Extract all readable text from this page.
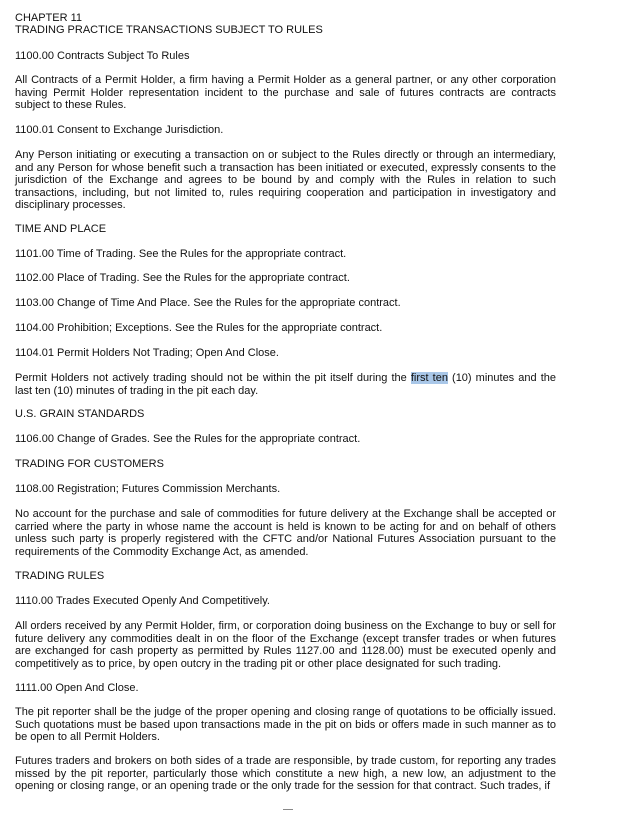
CHAPTER 11
TRADING PRACTICE TRANSACTIONS SUBJECT TO RULES
1100.00 Contracts Subject To Rules
All Contracts of a Permit Holder, a firm having a Permit Holder as a general partner, or any other corporation having Permit Holder representation incident to the purchase and sale of futures contracts are contracts subject to these Rules.
1100.01 Consent to Exchange Jurisdiction.
Any Person initiating or executing a transaction on or subject to the Rules directly or through an intermediary, and any Person for whose benefit such a transaction has been initiated or executed, expressly consents to the jurisdiction of the Exchange and agrees to be bound by and comply with the Rules in relation to such transactions, including, but not limited to, rules requiring cooperation and participation in investigatory and disciplinary processes.
TIME AND PLACE
1101.00 Time of Trading. See the Rules for the appropriate contract.
1102.00 Place of Trading. See the Rules for the appropriate contract.
1103.00 Change of Time And Place. See the Rules for the appropriate contract.
1104.00 Prohibition; Exceptions. See the Rules for the appropriate contract.
1104.01 Permit Holders Not Trading; Open And Close.
Permit Holders not actively trading should not be within the pit itself during the first ten (10) minutes and the last ten (10) minutes of trading in the pit each day.
U.S. GRAIN STANDARDS
1106.00 Change of Grades. See the Rules for the appropriate contract.
TRADING FOR CUSTOMERS
1108.00 Registration; Futures Commission Merchants.
No account for the purchase and sale of commodities for future delivery at the Exchange shall be accepted or carried where the party in whose name the account is held is known to be acting for and on behalf of others unless such party is properly registered with the CFTC and/or National Futures Association pursuant to the requirements of the Commodity Exchange Act, as amended.
TRADING RULES
1110.00 Trades Executed Openly And Competitively.
All orders received by any Permit Holder, firm, or corporation doing business on the Exchange to buy or sell for future delivery any commodities dealt in on the floor of the Exchange (except transfer trades or when futures are exchanged for cash property as permitted by Rules 1127.00 and 1128.00) must be executed openly and competitively as to price, by open outcry in the trading pit or other place designated for such trading.
1111.00 Open And Close.
The pit reporter shall be the judge of the proper opening and closing range of quotations to be officially issued. Such quotations must be based upon transactions made in the pit on bids or offers made in such manner as to be open to all Permit Holders.
Futures traders and brokers on both sides of a trade are responsible, by trade custom, for reporting any trades missed by the pit reporter, particularly those which constitute a new high, a new low, an adjustment to the opening or closing range, or an opening trade or the only trade for the session for that contract. Such trades, if
